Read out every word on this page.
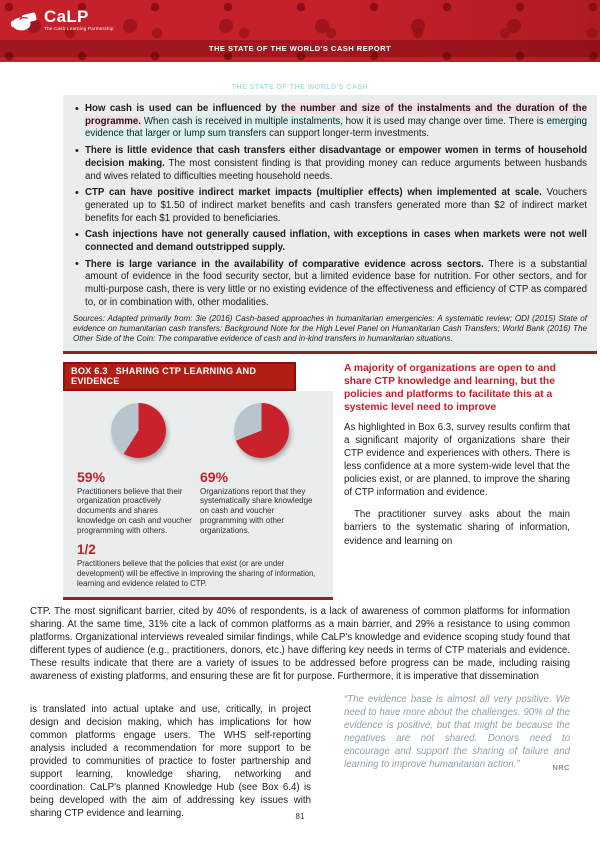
CaLP
The Cash Learning Partnership
THE STATE OF THE WORLD'S CASH REPORT
THE STATE OF THE WORLD'S CASH
• How cash is used can be influenced by the number and size of the instalments and the duration of the programme. When cash is received in multiple instalments, how it is used may change over time. There is emerging evidence that larger or lump sum transfers can support longer-term investments.
• There is little evidence that cash transfers either disadvantage or empower women in terms of household decision making. The most consistent finding is that providing money can reduce arguments between husbands and wives related to difficulties meeting household needs.
• CTP can have positive indirect market impacts (multiplier effects) when implemented at scale. Vouchers generated up to $1.50 of indirect market benefits and cash transfers generated more than $2 of indirect market benefits for each $1 provided to beneficiaries.
• Cash injections have not generally caused inflation, with exceptions in cases when markets were not well connected and demand outstripped supply.
• There is large variance in the availability of comparative evidence across sectors. There is a substantial amount of evidence in the food security sector, but a limited evidence base for nutrition. For other sectors, and for multi-purpose cash, there is very little or no existing evidence of the effectiveness and efficiency of CTP as compared to, or in combination with, other modalities.
Sources: Adapted primarily from: 3ie (2016) Cash-based approaches in humanitarian emergencies: A systematic review; ODI (2015) State of evidence on humanitarian cash transfers: Background Note for the High Level Panel on Humanitarian Cash Transfers; World Bank (2016) The Other Side of the Coin: The comparative evidence of cash and in-kind transfers in humanitarian situations.
BOX 6.3 SHARING CTP LEARNING AND EVIDENCE
59%
Practitioners believe that their organization proactively documents and shares knowledge on cash and voucher programming with others.
69%
Organizations report that they systematically share knowledge on cash and voucher programming with other organizations.
1/2
Practitioners believe that the policies that exist (or are under development) will be effective in improving the sharing of information, learning and evidence related to CTP.

A majority of organizations are open to and share CTP knowledge and learning, but the policies and platforms to facilitate this at a systemic level need to improve

As highlighted in Box 6.3, survey results confirm that a significant majority of organizations share their CTP evidence and experiences with others. There is less confidence at a more system-wide level that the policies exist, or are planned, to improve the sharing of CTP information and evidence.

The practitioner survey asks about the main barriers to the systematic sharing of information, evidence and learning on

CTP. The most significant barrier, cited by 40% of respondents, is a lack of awareness of common platforms for information sharing. At the same time, 31% cite a lack of common platforms as a main barrier, and 29% a resistance to using common platforms. Organizational interviews revealed similar findings, while CaLP's knowledge and evidence scoping study found that different types of audience (e.g., practitioners, donors, etc.) have differing key needs in terms of CTP materials and evidence. These results indicate that there are a variety of issues to be addressed before progress can be made, including raising awareness of existing platforms, and ensuring these are fit for purpose. Furthermore, it is imperative that dissemination

is translated into actual uptake and use, critically, in project design and decision making, which has implications for how common platforms engage users. The WHS self-reporting analysis included a recommendation for more support to be provided to communities of practice to foster partnership and support learning, knowledge sharing, networking and coordination. CaLP's planned Knowledge Hub (see Box 6.4) is being developed with the aim of addressing key issues with sharing CTP evidence and learning.

“The evidence base is almost all very positive. We need to have more about the challenges. 90% of the evidence is positive, but that might be because the negatives are not shared. Donors need to encourage and support the sharing of failure and learning to improve humanitarian action.”	NRC
81
